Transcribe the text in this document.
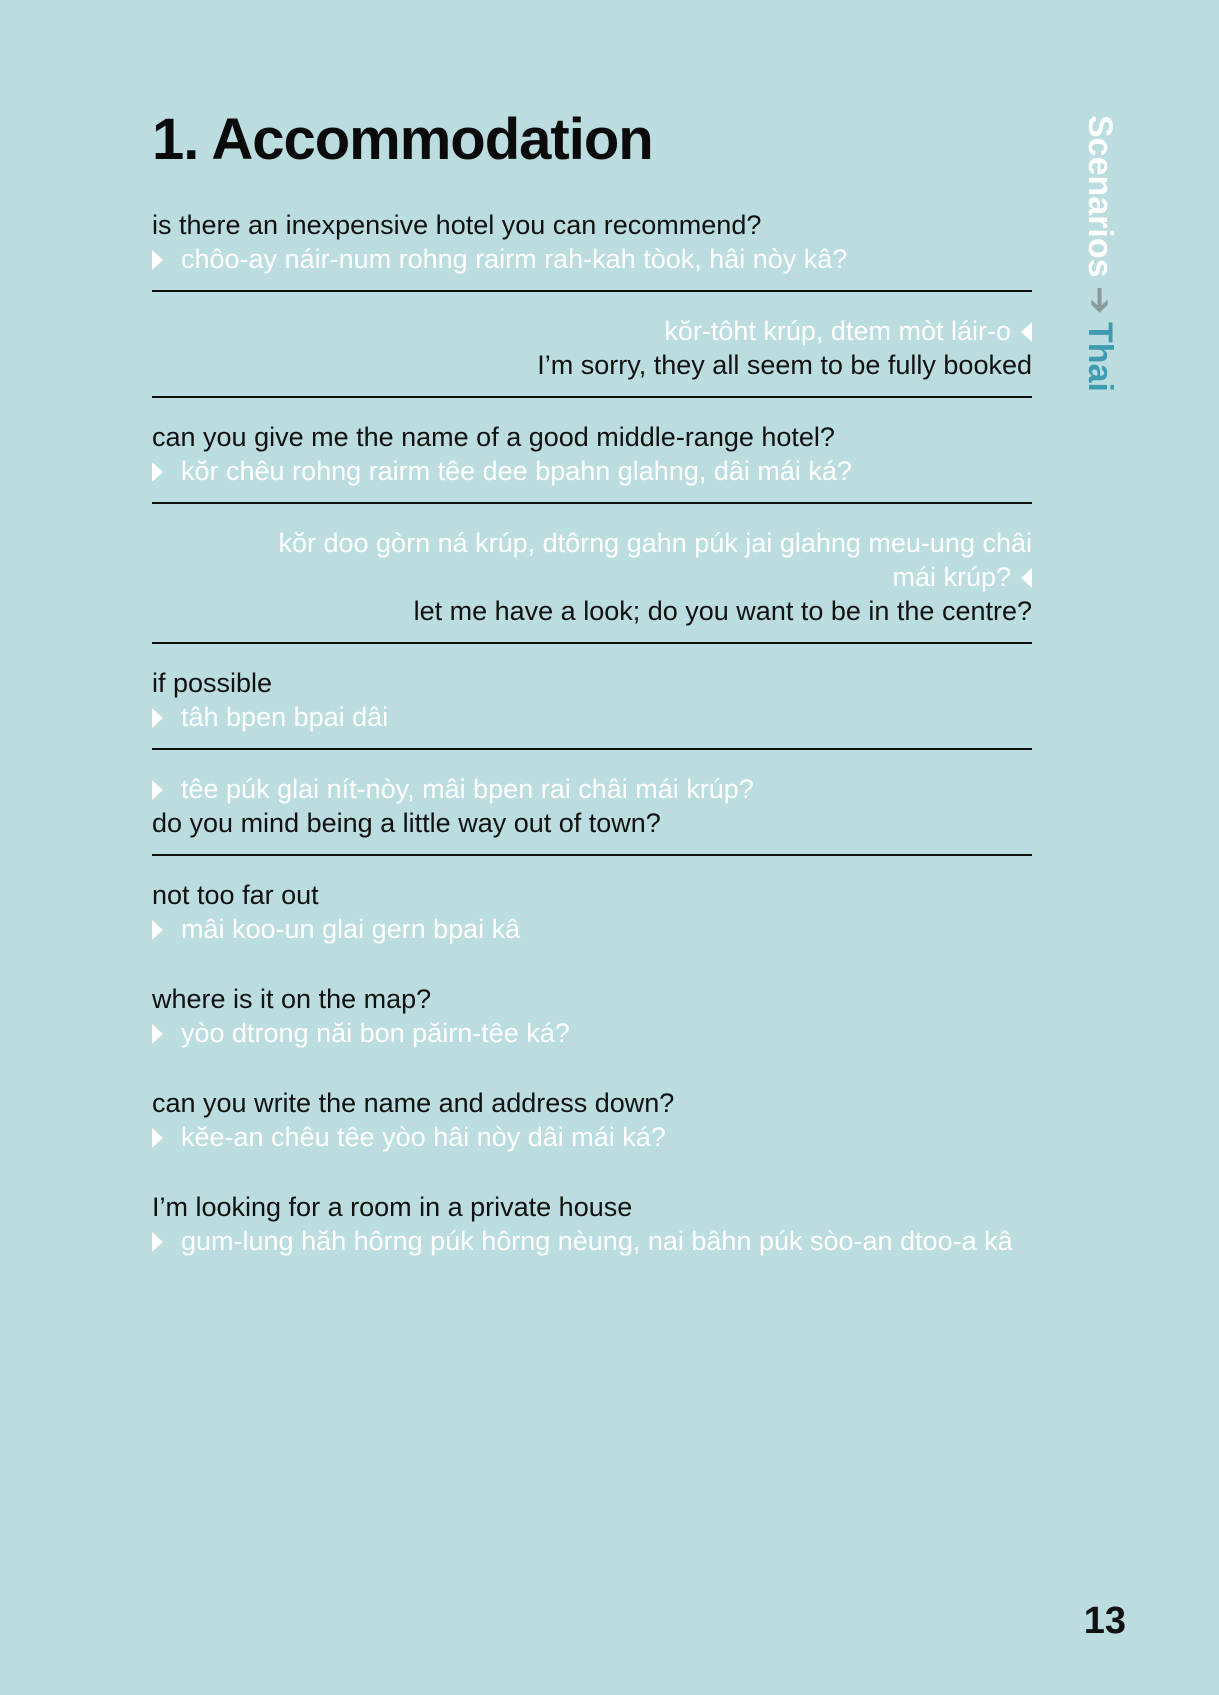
1. Accommodation
is there an inexpensive hotel you can recommend?
chôo-ay náir-num rohng rairm rah-kah tòok, hâi nòy kâ?
kŏr-tôht krúp, dtem mòt láir-o
I’m sorry, they all seem to be fully booked
can you give me the name of a good middle-range hotel?
kŏr chêu rohng rairm têe dee bpahn glahng, dâi mái ká?
kŏr doo gòrn ná krúp, dtôrng gahn púk jai glahng meu-ung châi
mái krúp?
let me have a look; do you want to be in the centre?
if possible
tâh bpen bpai dâi
têe púk glai nít-nòy, mâi bpen rai châi mái krúp?
do you mind being a little way out of town?
not too far out
mâi koo-un glai gern bpai kâ
where is it on the map?
yòo dtrong năi bon păirn-têe ká?
can you write the name and address down?
kĕe-an chêu têe yòo hâi nòy dâi mái ká?
I’m looking for a room in a private house
gum-lung hăh hôrng púk hôrng nèung, nai bâhn púk sòo-an dtoo-a kâ
Scenarios➔Thai
13
